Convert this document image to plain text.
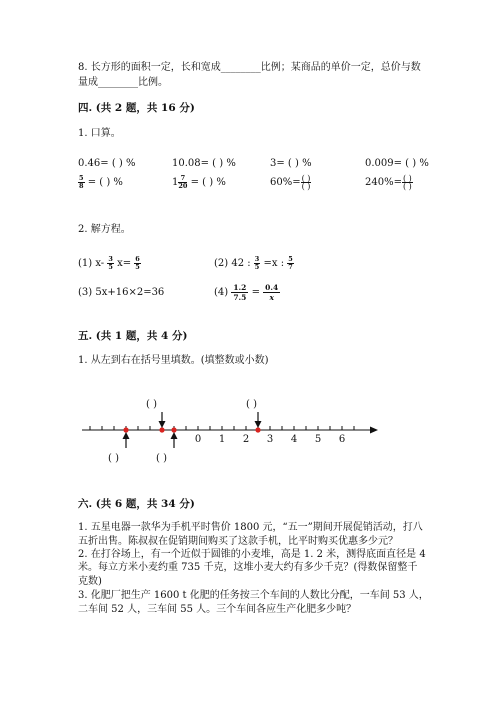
8. 长方形的面积一定，长和宽成________比例；某商品的单价一定，总价与数
量成________比例。
四. (共 2 题，共 16 分)
1. 口算。
0.46= ( ) %	10.08= ( ) %	3= ( ) %	0.009= ( ) %
$\frac{5}{8}$ = ( ) %	$1 \frac{7}{20}$ = ( ) %	$60\%= \frac{( )}{( )}$	$240\%= \frac{( )}{( )}$
2. 解方程。
(1) $x- \frac{3}{5} x= \frac{6}{5}$	(2) 42 : $\frac{3}{5} =x$ : $\frac{5}{7}$
(3) 5x+16×2=36	$(4) \frac{1.2}{7.5} = \frac{0.4}{x}$
五. (共 1 题，共 4 分)
1. 从左到右在括号里填数。(填整数或小数)
( )	( )
( )	( )
0 1 2 3 4 5 6
六. (共 6 题，共 34 分)
1. 五星电器一款华为手机平时售价 1800 元，“五一”期间开展促销活动，打八
五折出售。陈叔叔在促销期间购买了这款手机，比平时购买优惠多少元？
2. 在打谷场上，有一个近似于圆锥的小麦堆，高是 1. 2 米，测得底面直径是 4
米。每立方米小麦约重 735 千克，这堆小麦大约有多少千克？(得数保留整千
克数)
3. 化肥厂把生产 1600 t 化肥的任务按三个车间的人数比分配，一车间 53 人，
二车间 52 人，三车间 55 人。三个车间各应生产化肥多少吨？
